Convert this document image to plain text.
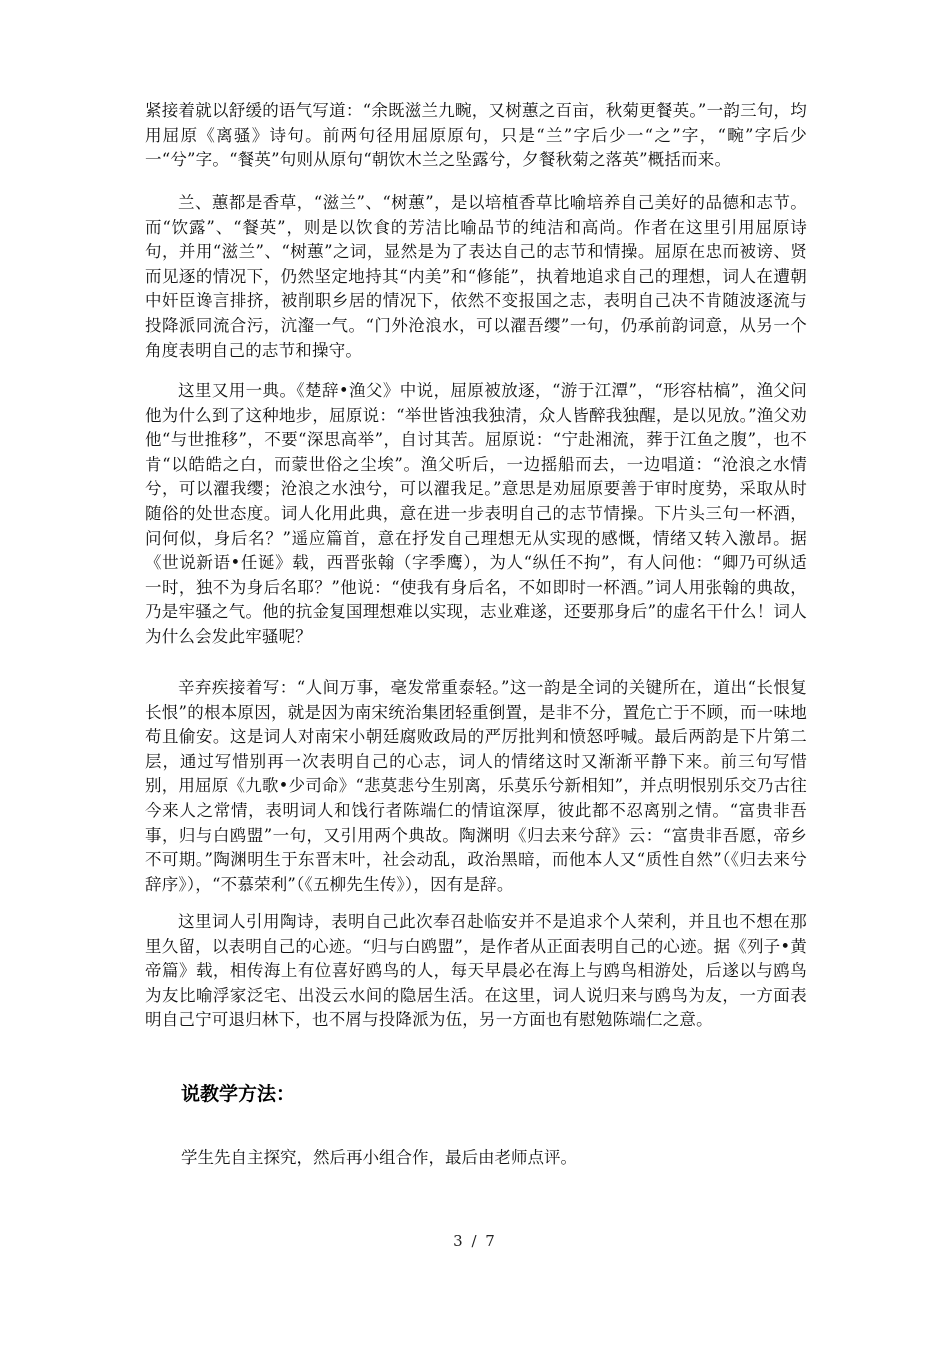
紧接着就以舒缓的语气写道：“余既滋兰九畹，又树蕙之百亩，秋菊更餐英。”一韵三句，均用屈原《离骚》诗句。前两句径用屈原原句，只是“兰”字后少一“之”字，“畹”字后少一“兮”字。“餐英”句则从原句“朝饮木兰之坠露兮，夕餐秋菊之落英”概括而来。

兰、蕙都是香草，“滋兰”、“树蕙”，是以培植香草比喻培养自己美好的品德和志节。而“饮露”、“餐英”，则是以饮食的芳洁比喻品节的纯洁和高尚。作者在这里引用屈原诗句，并用“滋兰”、“树蕙”之词，显然是为了表达自己的志节和情操。屈原在忠而被谤、贤而见逐的情况下，仍然坚定地持其“内美”和“修能”，执着地追求自己的理想，词人在遭朝中奸臣谗言排挤，被削职乡居的情况下，依然不变报国之志，表明自己决不肯随波逐流与投降派同流合污，沆瀣一气。“门外沧浪水，可以濯吾缨”一句，仍承前韵词意，从另一个角度表明自己的志节和操守。

这里又用一典。《楚辞•渔父》中说，屈原被放逐，“游于江潭”，“形容枯槁”，渔父问他为什么到了这种地步，屈原说：“举世皆浊我独清，众人皆醉我独醒，是以见放。”渔父劝他“与世推移”，不要“深思高举”，自讨其苦。屈原说：“宁赴湘流，葬于江鱼之腹”，也不肯“以皓皓之白，而蒙世俗之尘埃”。渔父听后，一边摇船而去，一边唱道：“沧浪之水情兮，可以濯我缨；沧浪之水浊兮，可以濯我足。”意思是劝屈原要善于审时度势，采取从时随俗的处世态度。词人化用此典，意在进一步表明自己的志节情操。下片头三句一杯酒，问何似，身后名？”遥应篇首，意在抒发自己理想无从实现的感慨，情绪又转入激昂。据《世说新语•任诞》载，西晋张翰（字季鹰），为人“纵任不拘”，有人问他：“卿乃可纵适一时，独不为身后名耶？”他说：“使我有身后名，不如即时一杯酒。”词人用张翰的典故，乃是牢骚之气。他的抗金复国理想难以实现，志业难遂，还要那身后”的虚名干什么！词人为什么会发此牢骚呢？

辛弃疾接着写：“人间万事，毫发常重泰轻。”这一韵是全词的关键所在，道出“长恨复长恨”的根本原因，就是因为南宋统治集团轻重倒置，是非不分，置危亡于不顾，而一味地苟且偷安。这是词人对南宋小朝廷腐败政局的严厉批判和愤怒呼喊。最后两韵是下片第二层，通过写惜别再一次表明自己的心志，词人的情绪这时又渐渐平静下来。前三句写惜别，用屈原《九歌•少司命》“悲莫悲兮生别离，乐莫乐兮新相知”，并点明恨别乐交乃古往今来人之常情，表明词人和饯行者陈端仁的情谊深厚，彼此都不忍离别之情。“富贵非吾事，归与白鸥盟”一句，又引用两个典故。陶渊明《归去来兮辞》云：“富贵非吾愿，帝乡不可期。”陶渊明生于东晋末叶，社会动乱，政治黑暗，而他本人又“质性自然”（《归去来兮辞序》），“不慕荣利”（《五柳先生传》），因有是辞。

这里词人引用陶诗，表明自己此次奉召赴临安并不是追求个人荣利，并且也不想在那里久留，以表明自己的心迹。“归与白鸥盟”，是作者从正面表明自己的心迹。据《列子•黄帝篇》载，相传海上有位喜好鸥鸟的人，每天早晨必在海上与鸥鸟相游处，后遂以与鸥鸟为友比喻浮家泛宅、出没云水间的隐居生活。在这里，词人说归来与鸥鸟为友，一方面表明自己宁可退归林下，也不屑与投降派为伍，另一方面也有慰勉陈端仁之意。

说教学方法：

学生先自主探究，然后再小组合作，最后由老师点评。

3 / 7
